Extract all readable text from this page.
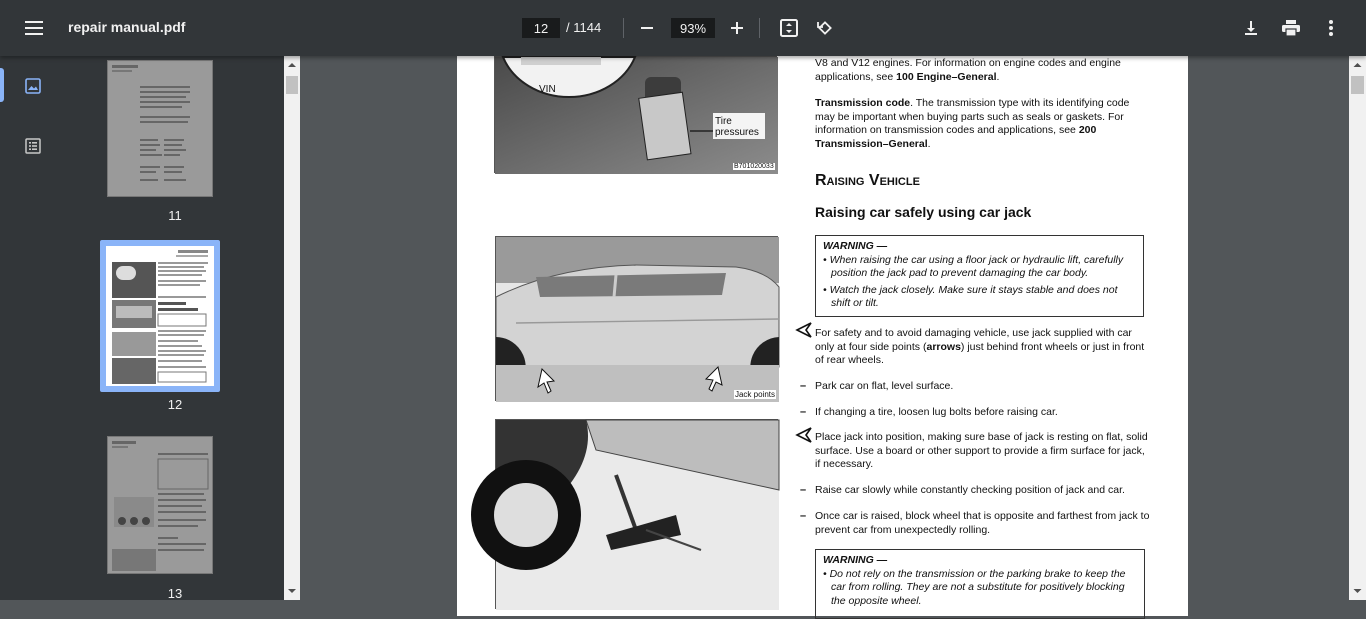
repair manual.pdf	12	/ 1144	93%
11
12
13
VIN
Tire pressures
B701020033
Jack points
V8 and V12 engines. For information on engine codes and engine applications, see 100 Engine–General.
Transmission code. The transmission type with its identifying code may be important when buying parts such as seals or gaskets. For information on transmission codes and applications, see 200 Transmission–General.
Raising Vehicle
Raising car safely using car jack
WARNING —
• When raising the car using a floor jack or hydraulic lift, carefully position the jack pad to prevent damaging the car body.
• Watch the jack closely. Make sure it stays stable and does not shift or tilt.
For safety and to avoid damaging vehicle, use jack supplied with car only at four side points (arrows) just behind front wheels or just in front of rear wheels.
– Park car on flat, level surface.
– If changing a tire, loosen lug bolts before raising car.
Place jack into position, making sure base of jack is resting on flat, solid surface. Use a board or other support to provide a firm surface for jack, if necessary.
– Raise car slowly while constantly checking position of jack and car.
– Once car is raised, block wheel that is opposite and farthest from jack to prevent car from unexpectedly rolling.
WARNING —
• Do not rely on the transmission or the parking brake to keep the car from rolling. They are not a substitute for positively blocking the opposite wheel.
